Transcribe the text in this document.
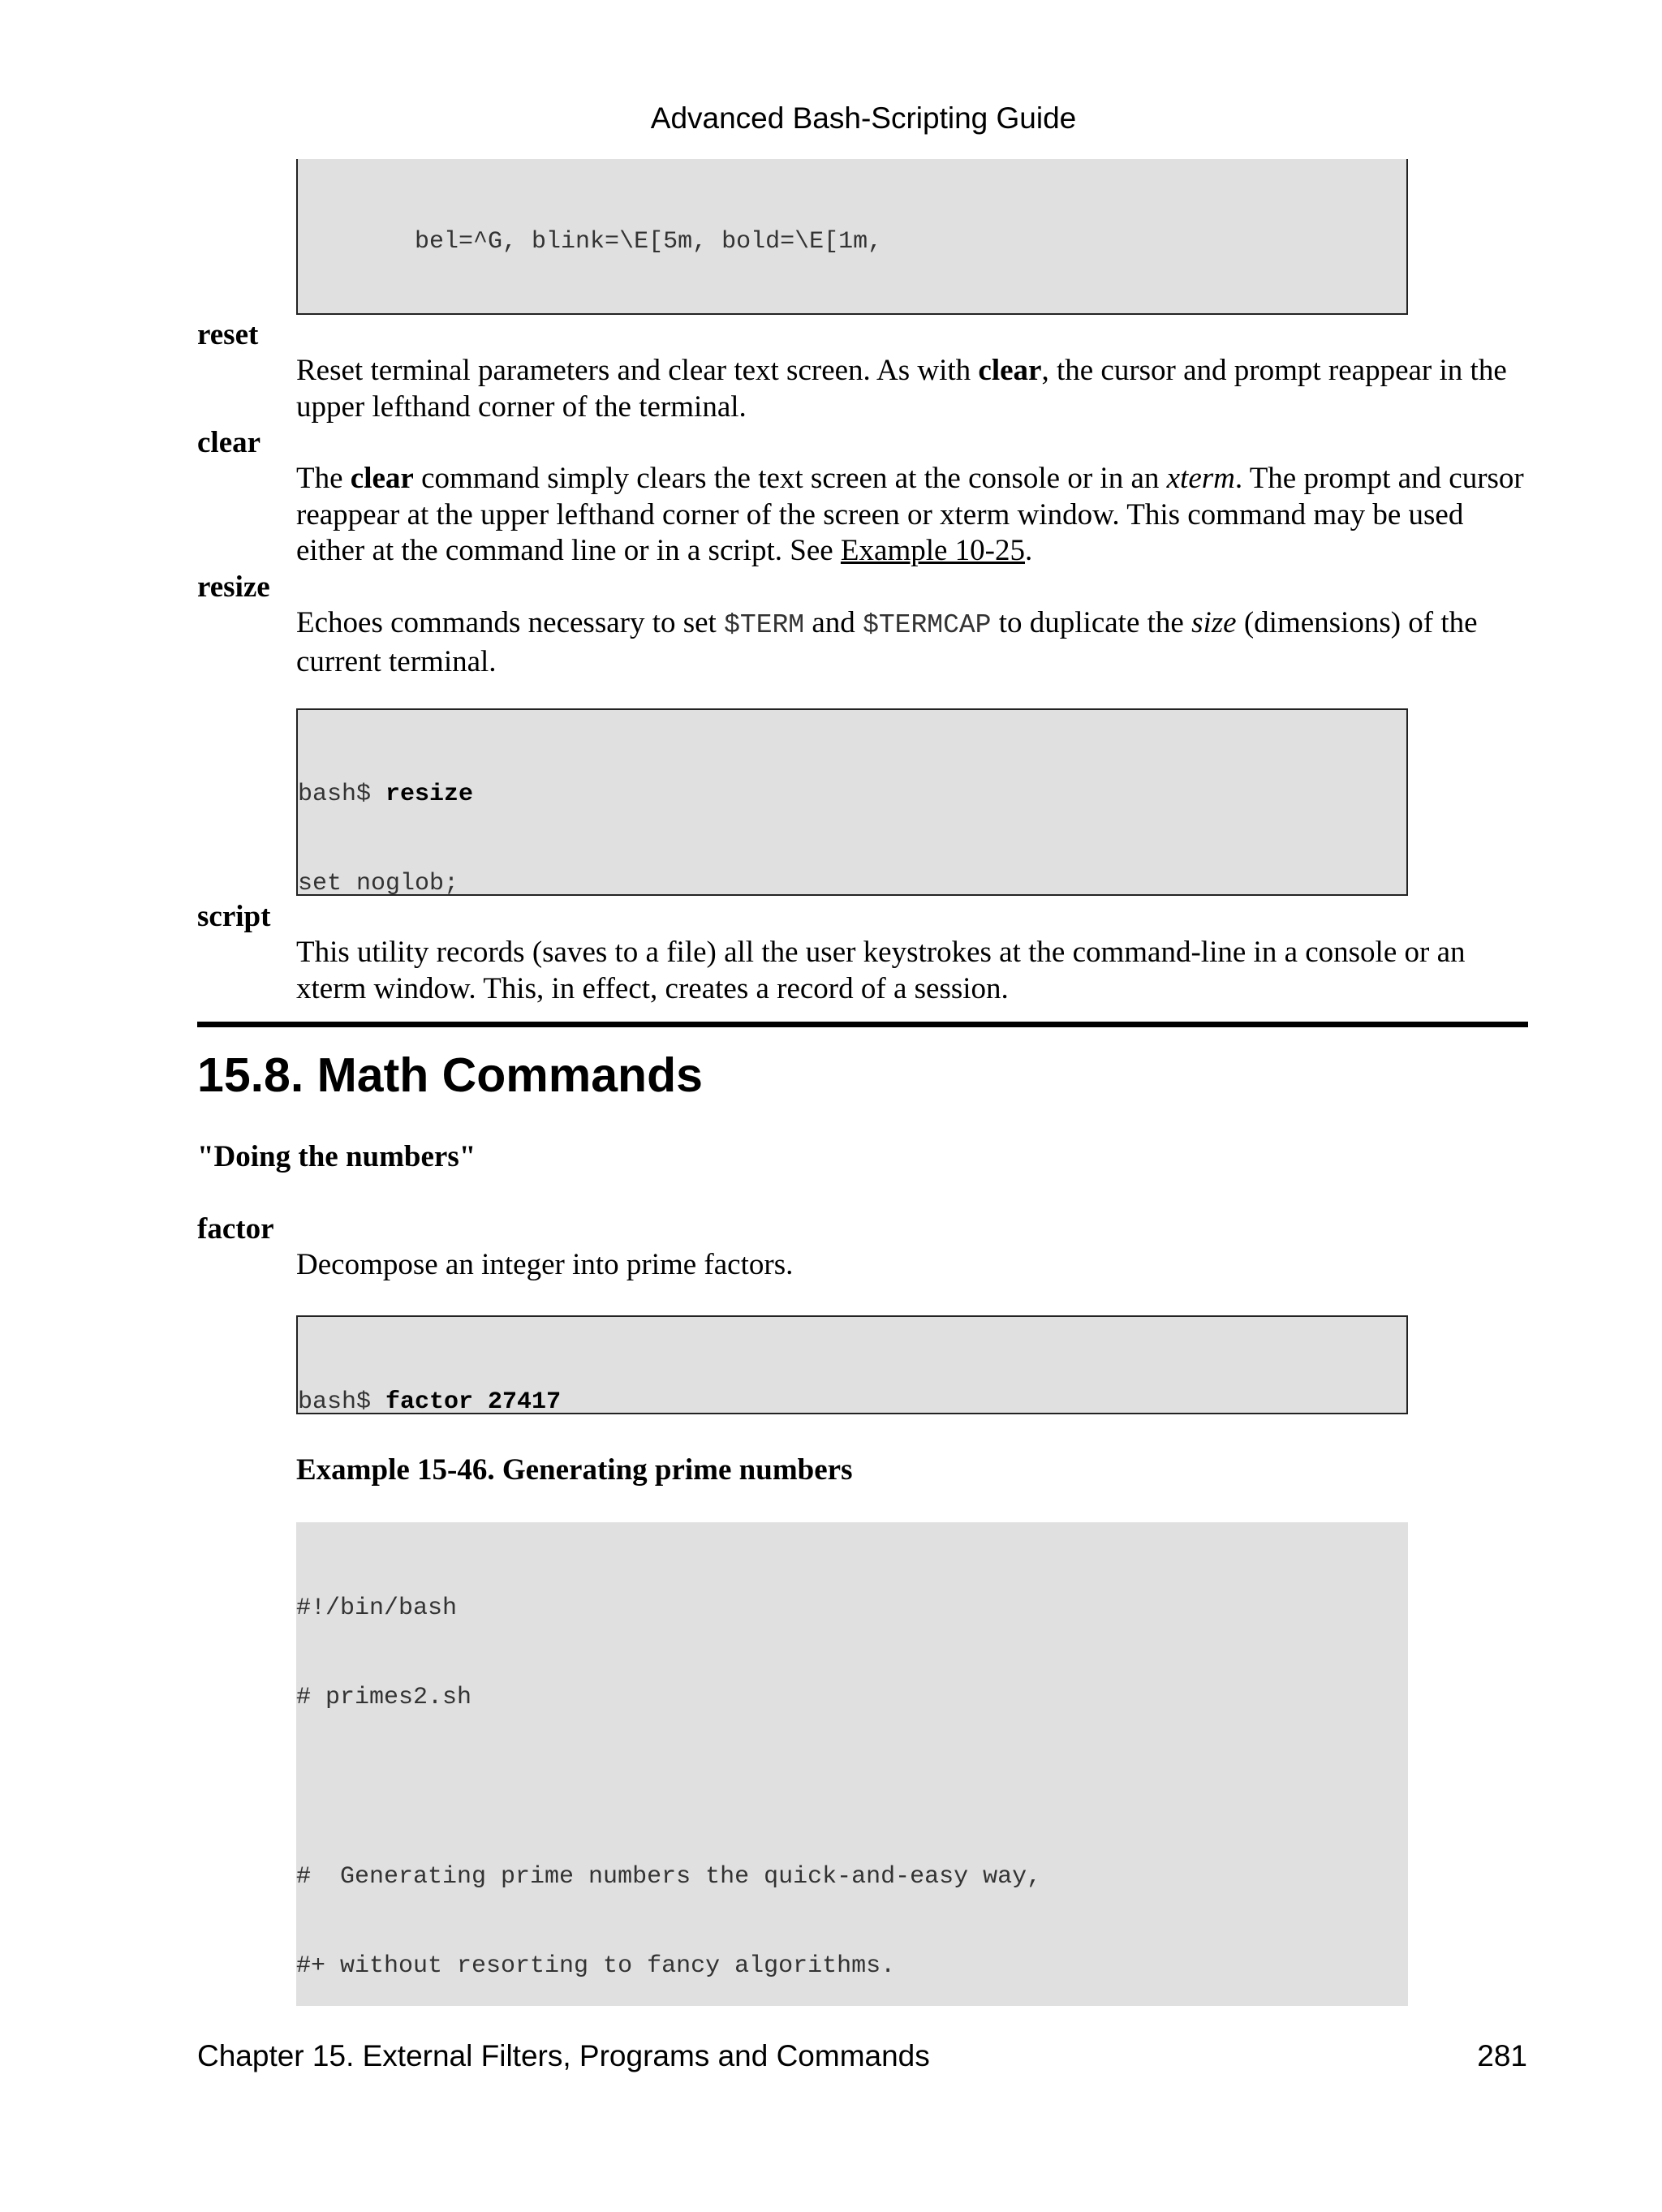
Advanced Bash-Scripting Guide

bel=^G, blink=\E[5m, bold=\E[1m,

reset
Reset terminal parameters and clear text screen. As with clear, the cursor and prompt reappear in the
upper lefthand corner of the terminal.
clear
The clear command simply clears the text screen at the console or in an xterm. The prompt and cursor
reappear at the upper lefthand corner of the screen or xterm window. This command may be used
either at the command line or in a script. See Example 10-25.
resize
Echoes commands necessary to set $TERM and $TERMCAP to duplicate the size (dimensions) of the
current terminal.

bash$ resize

set noglob;

script
This utility records (saves to a file) all the user keystrokes at the command-line in a console or an
xterm window. This, in effect, creates a record of a session.
15.8. Math Commands
"Doing the numbers"
factor
Decompose an integer into prime factors.

bash$ factor 27417

Example 15-46. Generating prime numbers

#!/bin/bash

# primes2.sh

#  Generating prime numbers the quick-and-easy way,

#+ without resorting to fancy algorithms.

Chapter 15. External Filters, Programs and Commands	281
